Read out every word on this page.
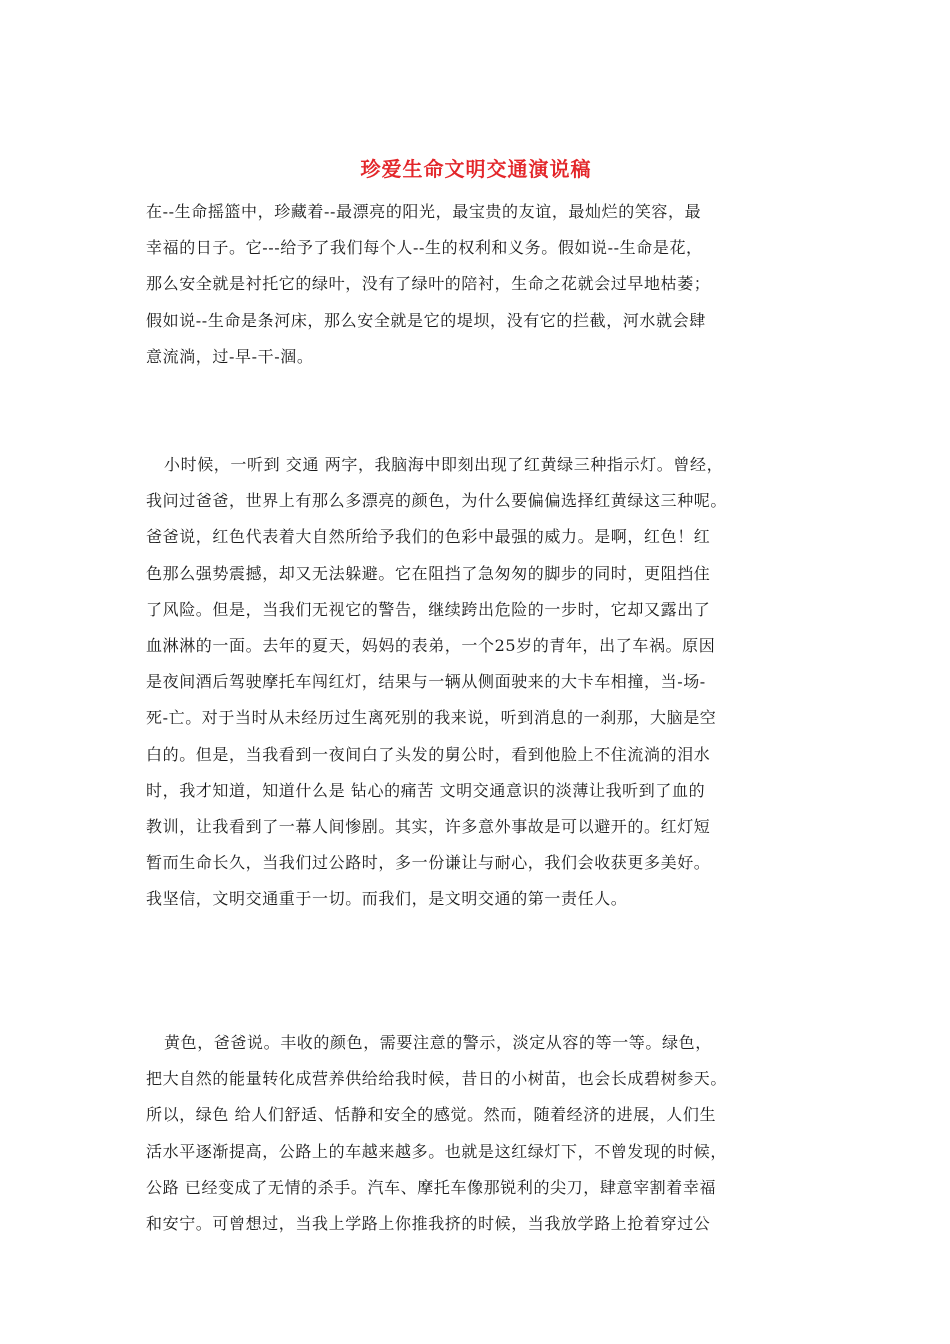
珍爱生命文明交通演说稿
在--生命摇篮中，珍藏着--最漂亮的阳光，最宝贵的友谊，最灿烂的笑容，最
幸福的日子。它---给予了我们每个人--生的权利和义务。假如说--生命是花，
那么安全就是衬托它的绿叶，没有了绿叶的陪衬，生命之花就会过早地枯萎；
假如说--生命是条河床，那么安全就是它的堤坝，没有它的拦截，河水就会肆
意流淌，过-早-干-涸。
小时候，一听到 交通 两字，我脑海中即刻出现了红黄绿三种指示灯。曾经，
我问过爸爸，世界上有那么多漂亮的颜色，为什么要偏偏选择红黄绿这三种呢。
爸爸说，红色代表着大自然所给予我们的色彩中最强的威力。是啊，红色！红
色那么强势震撼，却又无法躲避。它在阻挡了急匆匆的脚步的同时，更阻挡住
了风险。但是，当我们无视它的警告，继续跨出危险的一步时，它却又露出了
血淋淋的一面。去年的夏天，妈妈的表弟，一个25岁的青年，出了车祸。原因
是夜间酒后驾驶摩托车闯红灯，结果与一辆从侧面驶来的大卡车相撞，当-场-
死-亡。对于当时从未经历过生离死别的我来说，听到消息的一刹那，大脑是空
白的。但是，当我看到一夜间白了头发的舅公时，看到他脸上不住流淌的泪水
时，我才知道，知道什么是 钻心的痛苦 文明交通意识的淡薄让我听到了血的
教训，让我看到了一幕人间惨剧。其实，许多意外事故是可以避开的。红灯短
暂而生命长久，当我们过公路时，多一份谦让与耐心，我们会收获更多美好。
我坚信，文明交通重于一切。而我们，是文明交通的第一责任人。
黄色，爸爸说。丰收的颜色，需要注意的警示，淡定从容的等一等。绿色，
把大自然的能量转化成营养供给给我时候，昔日的小树苗，也会长成碧树参天。
所以，绿色 给人们舒适、恬静和安全的感觉。然而，随着经济的进展，人们生
活水平逐渐提高，公路上的车越来越多。也就是这红绿灯下，不曾发现的时候，
公路 已经变成了无情的杀手。汽车、摩托车像那锐利的尖刀，肆意宰割着幸福
和安宁。可曾想过，当我上学路上你推我挤的时候，当我放学路上抢着穿过公
